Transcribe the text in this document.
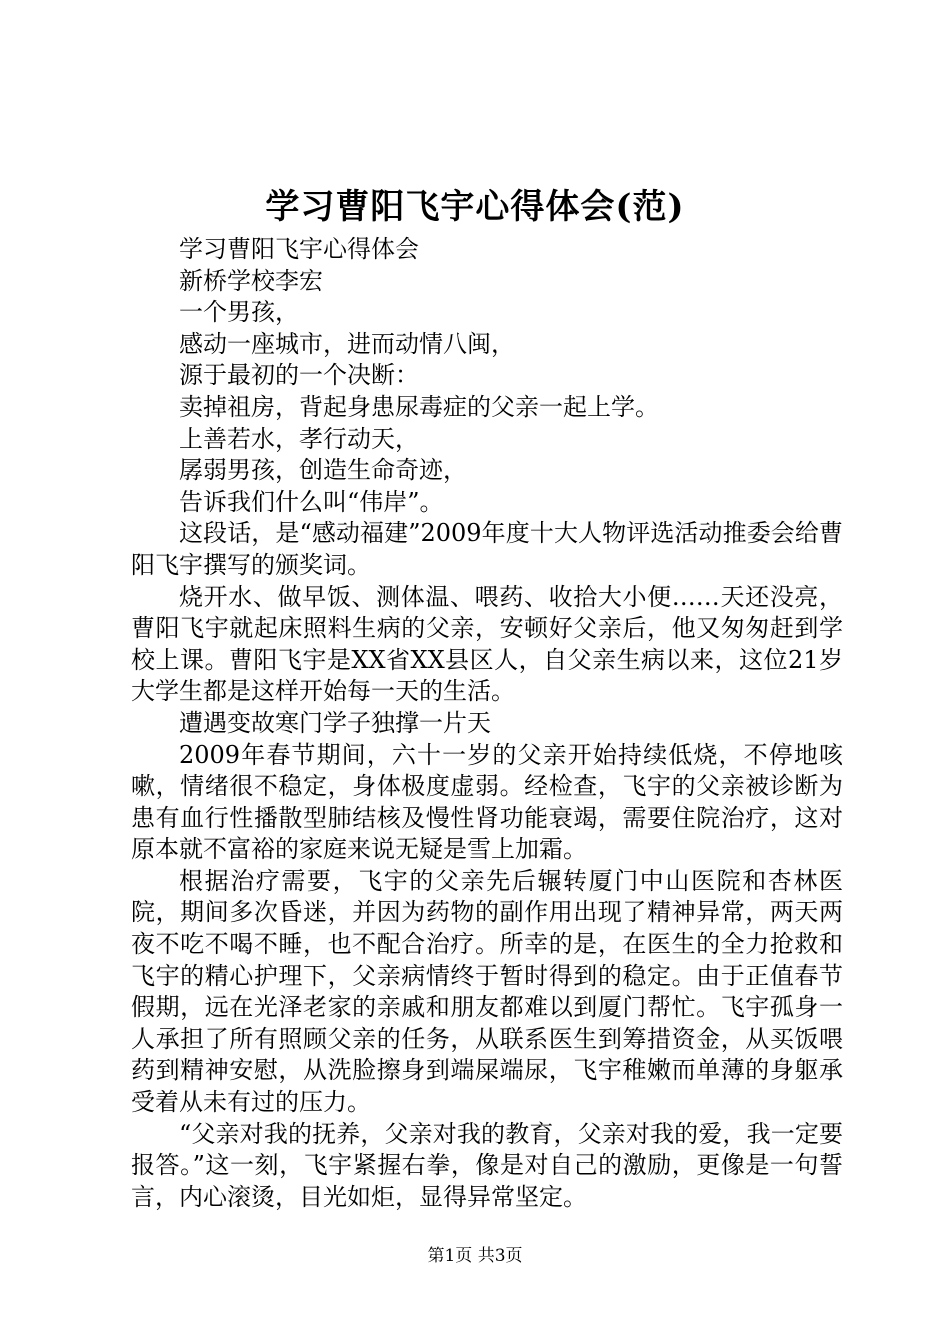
学习曹阳飞宇心得体会(范)

学习曹阳飞宇心得体会

新桥学校李宏

一个男孩，

感动一座城市，进而动情八闽，

源于最初的一个决断：

卖掉祖房，背起身患尿毒症的父亲一起上学。

上善若水，孝行动天，

孱弱男孩，创造生命奇迹，

告诉我们什么叫“伟岸”。

这段话，是“感动福建”2009年度十大人物评选活动推委会给曹阳飞宇撰写的颁奖词。

烧开水、做早饭、测体温、喂药、收拾大小便……天还没亮，曹阳飞宇就起床照料生病的父亲，安顿好父亲后，他又匆匆赶到学校上课。曹阳飞宇是XX省XX县区人，自父亲生病以来，这位21岁大学生都是这样开始每一天的生活。

遭遇变故寒门学子独撑一片天

2009年春节期间，六十一岁的父亲开始持续低烧，不停地咳嗽，情绪很不稳定，身体极度虚弱。经检查，飞宇的父亲被诊断为患有血行性播散型肺结核及慢性肾功能衰竭，需要住院治疗，这对原本就不富裕的家庭来说无疑是雪上加霜。

根据治疗需要，飞宇的父亲先后辗转厦门中山医院和杏林医院，期间多次昏迷，并因为药物的副作用出现了精神异常，两天两夜不吃不喝不睡，也不配合治疗。所幸的是，在医生的全力抢救和飞宇的精心护理下，父亲病情终于暂时得到的稳定。由于正值春节假期，远在光泽老家的亲戚和朋友都难以到厦门帮忙。飞宇孤身一人承担了所有照顾父亲的任务，从联系医生到筹措资金，从买饭喂药到精神安慰，从洗脸擦身到端屎端尿，飞宇稚嫩而单薄的身躯承受着从未有过的压力。

“父亲对我的抚养，父亲对我的教育，父亲对我的爱，我一定要报答。”这一刻，飞宇紧握右拳，像是对自己的激励，更像是一句誓言，内心滚烫，目光如炬，显得异常坚定。

第1页 共3页
